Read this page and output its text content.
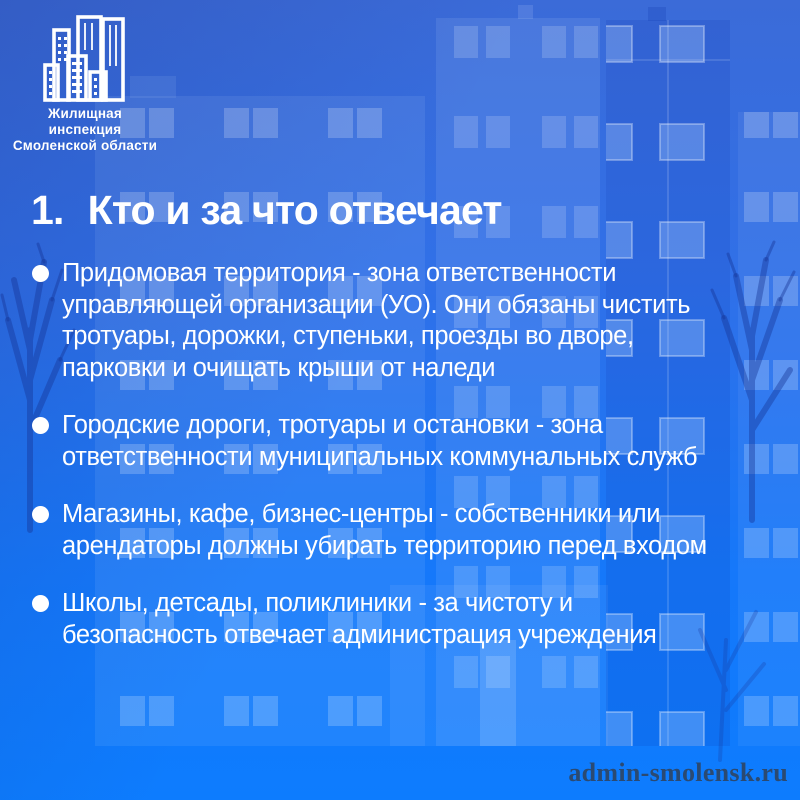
Жилищная инспекция
Смоленской области
1. Кто и за что отвечает
Придомовая территория - зона ответственности управляющей организации (УО). Они обязаны чистить тротуары, дорожки, ступеньки, проезды во дворе, парковки и очищать крыши от наледи
Городские дороги, тротуары и остановки - зона ответственности муниципальных коммунальных служб
Магазины, кафе, бизнес-центры - собственники или арендаторы должны убирать территорию перед входом
Школы, детсады, поликлиники - за чистоту и безопасность отвечает администрация учреждения
admin-smolensk.ru
